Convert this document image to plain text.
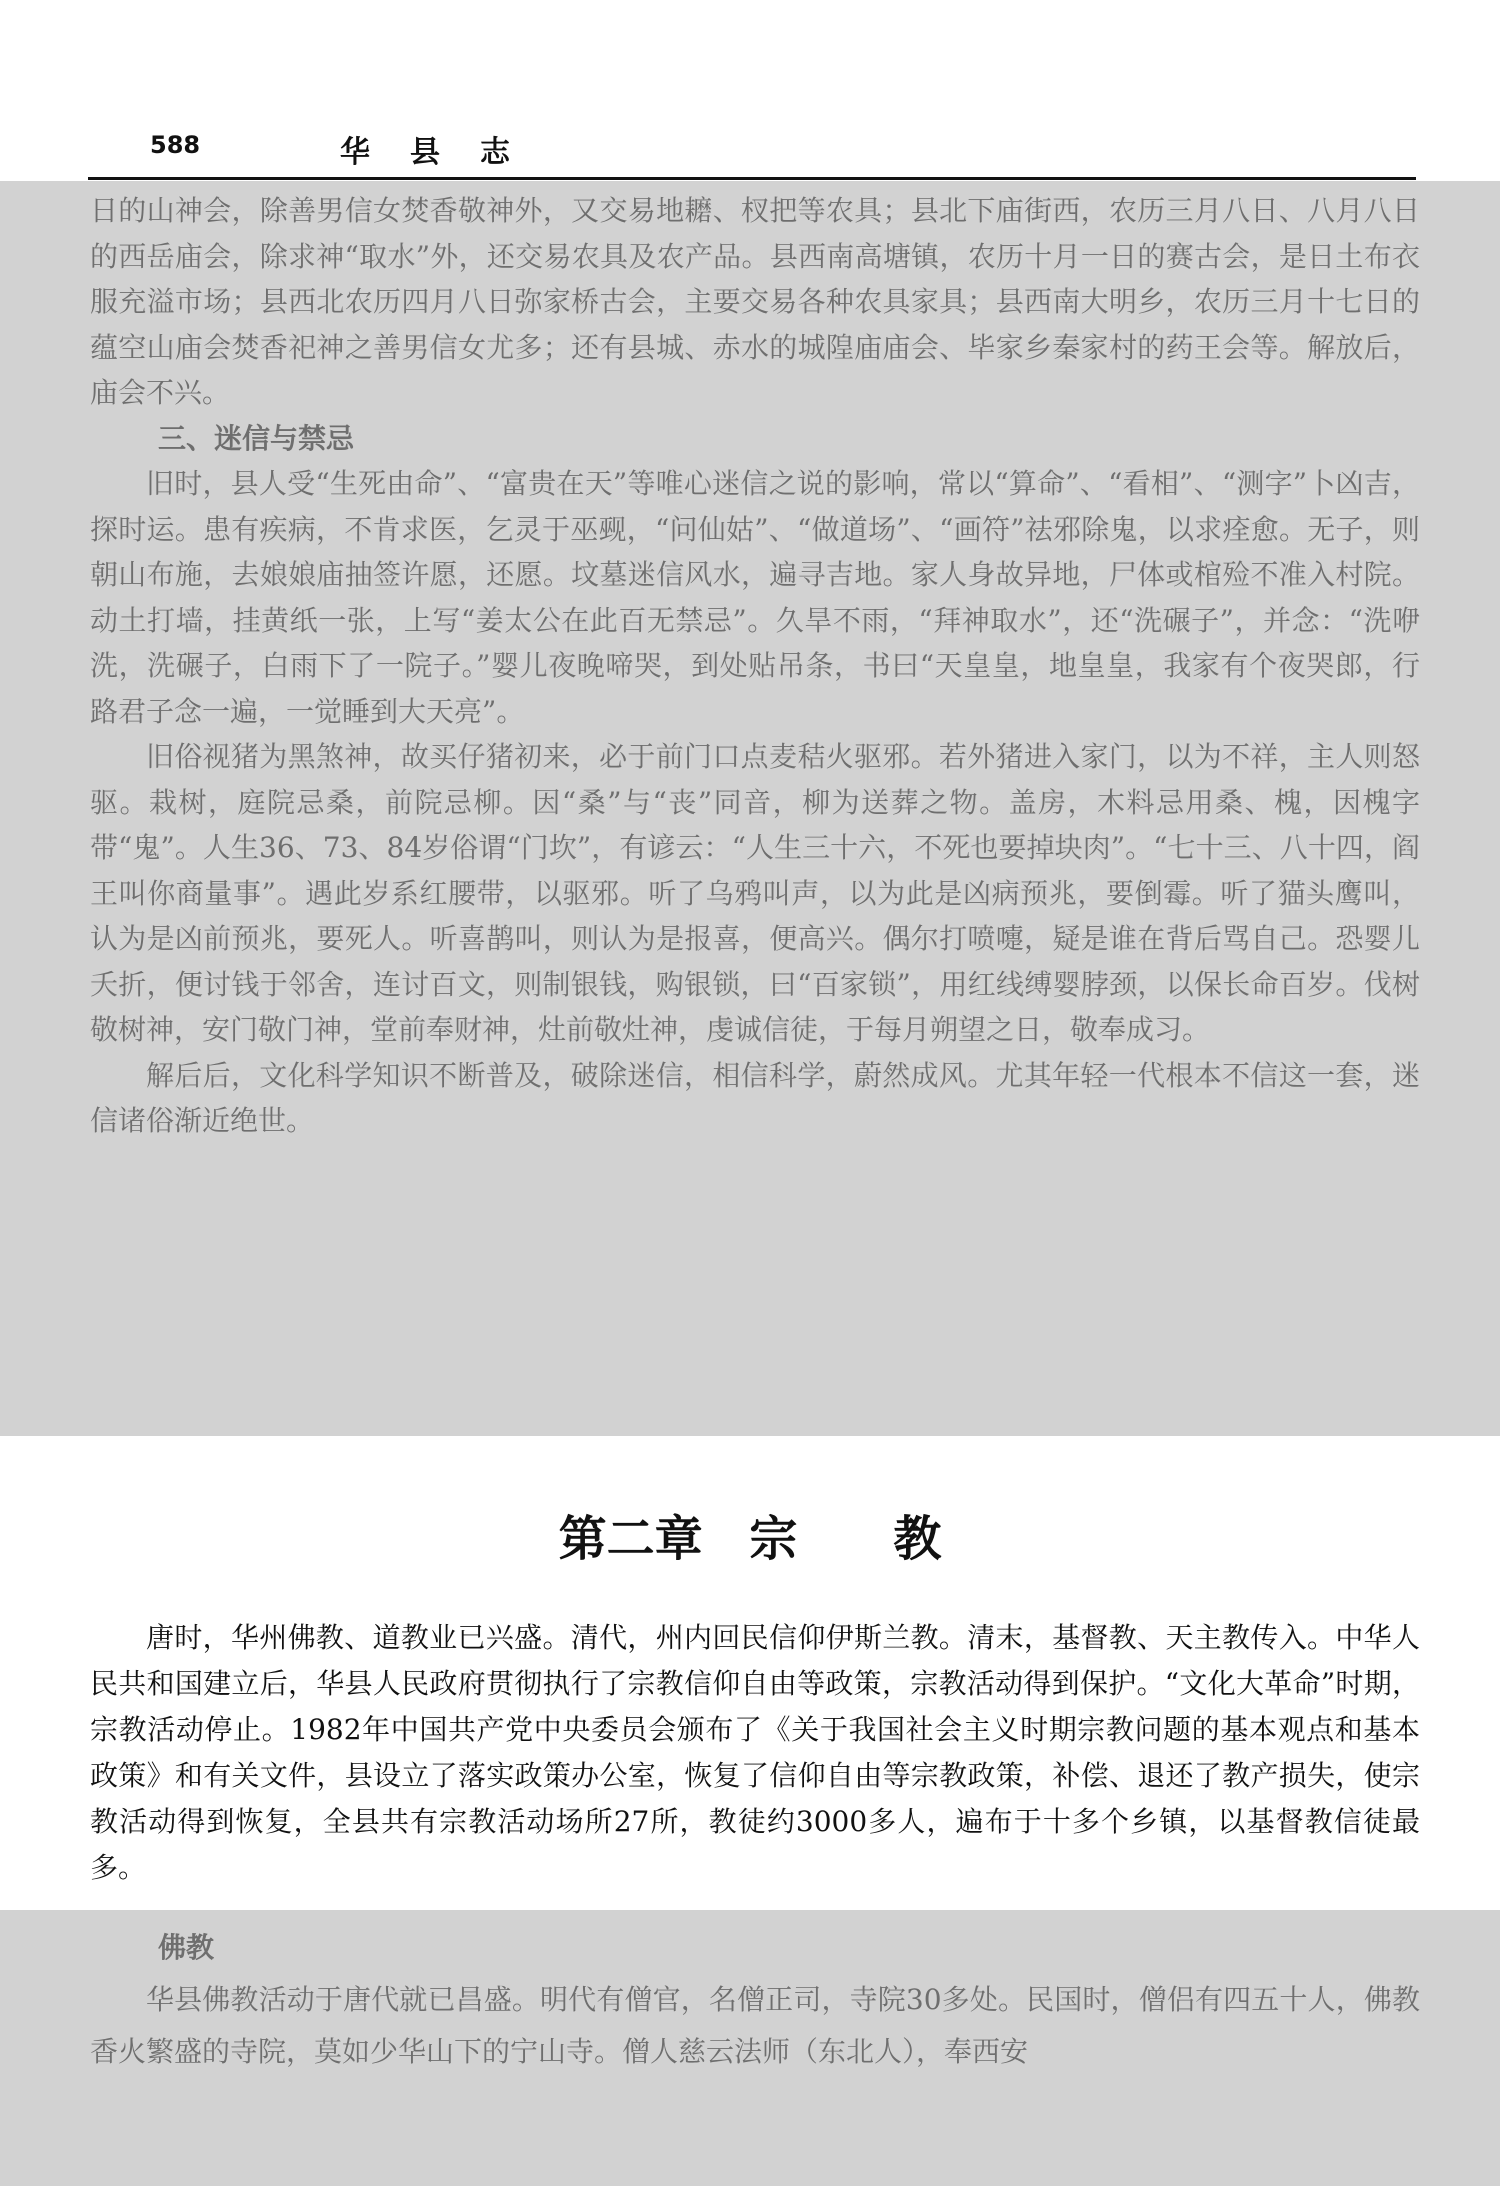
588	华县志

日的山神会，除善男信女焚香敬神外，又交易地耱、杈把等农具；县北下庙街西，农历三月八日、八月八日的西岳庙会，除求神“取水”外，还交易农具及农产品。县西南高塘镇，农历十月一日的赛古会，是日土布衣服充溢市场；县西北农历四月八日弥家桥古会，主要交易各种农具家具；县西南大明乡，农历三月十七日的蕴空山庙会焚香祀神之善男信女尤多；还有县城、赤水的城隍庙庙会、毕家乡秦家村的药王会等。解放后，庙会不兴。

三、迷信与禁忌

旧时，县人受“生死由命”、“富贵在天”等唯心迷信之说的影响，常以“算命”、“看相”、“测字”卜凶吉，探时运。患有疾病，不肯求医，乞灵于巫觋，“问仙姑”、“做道场”、“画符”祛邪除鬼，以求痊愈。无子，则朝山布施，去娘娘庙抽签许愿，还愿。坟墓迷信风水，遍寻吉地。家人身故异地，尸体或棺殓不准入村院。动土打墙，挂黄纸一张，上写“姜太公在此百无禁忌”。久旱不雨，“拜神取水”，还“洗碾子”，并念：“洗咿洗，洗碾子，白雨下了一院子。”婴儿夜晚啼哭，到处贴吊条，书曰“天皇皇，地皇皇，我家有个夜哭郎，行路君子念一遍，一觉睡到大天亮”。

旧俗视猪为黑煞神，故买仔猪初来，必于前门口点麦秸火驱邪。若外猪进入家门，以为不祥，主人则怒驱。栽树，庭院忌桑，前院忌柳。因“桑”与“丧”同音，柳为送葬之物。盖房，木料忌用桑、槐，因槐字带“鬼”。人生36、73、84岁俗谓“门坎”，有谚云：“人生三十六，不死也要掉块肉”。“七十三、八十四，阎王叫你商量事”。遇此岁系红腰带，以驱邪。听了乌鸦叫声，以为此是凶病预兆，要倒霉。听了猫头鹰叫，认为是凶前预兆，要死人。听喜鹊叫，则认为是报喜，便高兴。偶尔打喷嚏，疑是谁在背后骂自己。恐婴儿夭折，便讨钱于邻舍，连讨百文，则制银钱，购银锁，曰“百家锁”，用红线缚婴脖颈，以保长命百岁。伐树敬树神，安门敬门神，堂前奉财神，灶前敬灶神，虔诚信徒，于每月朔望之日，敬奉成习。

解后后，文化科学知识不断普及，破除迷信，相信科学，蔚然成风。尤其年轻一代根本不信这一套，迷信诸俗渐近绝世。

第二章 宗　　教

唐时，华州佛教、道教业已兴盛。清代，州内回民信仰伊斯兰教。清末，基督教、天主教传入。中华人民共和国建立后，华县人民政府贯彻执行了宗教信仰自由等政策，宗教活动得到保护。“文化大革命”时期，宗教活动停止。1982年中国共产党中央委员会颁布了《关于我国社会主义时期宗教问题的基本观点和基本政策》和有关文件，县设立了落实政策办公室，恢复了信仰自由等宗教政策，补偿、退还了教产损失，使宗教活动得到恢复，全县共有宗教活动场所27所，教徒约3000多人，遍布于十多个乡镇，以基督教信徒最多。

佛教

华县佛教活动于唐代就已昌盛。明代有僧官，名僧正司，寺院30多处。民国时，僧侣有四五十人，佛教香火繁盛的寺院，莫如少华山下的宁山寺。僧人慈云法师（东北人），奉西安
